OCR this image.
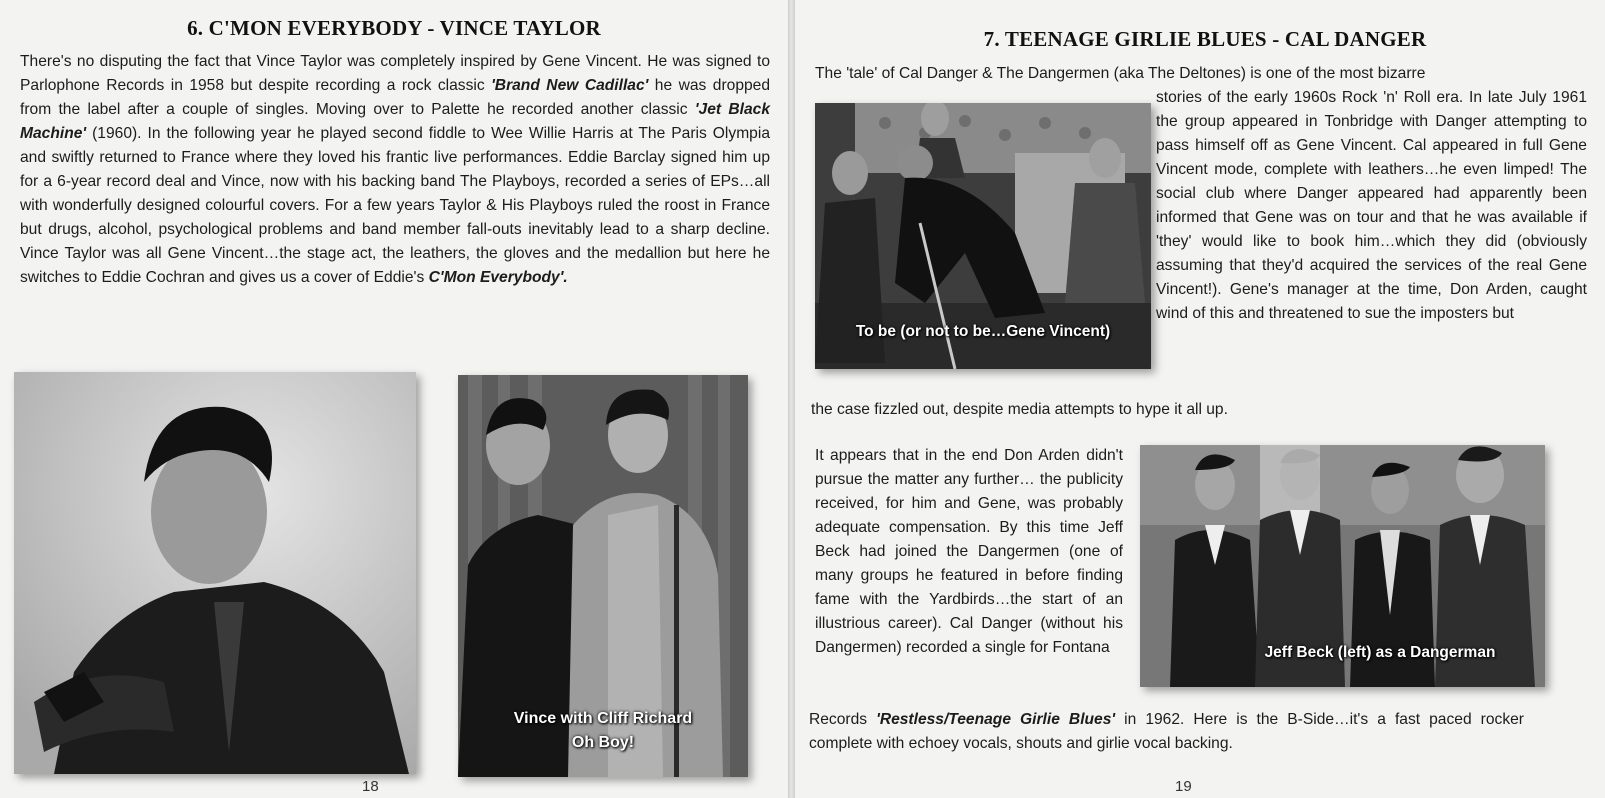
6. C'MON EVERYBODY - VINCE TAYLOR

There's no disputing the fact that Vince Taylor was completely inspired by Gene Vincent. He was signed to Parlophone Records in 1958 but despite recording a rock classic 'Brand New Cadillac' he was dropped from the label after a couple of singles. Moving over to Palette he recorded another classic 'Jet Black Machine' (1960). In the following year he played second fiddle to Wee Willie Harris at The Paris Olympia and swiftly returned to France where they loved his frantic live performances. Eddie Barclay signed him up for a 6-year record deal and Vince, now with his backing band The Playboys, recorded a series of EPs…all with wonderfully designed colourful covers. For a few years Taylor & His Playboys ruled the roost in France but drugs, alcohol, psychological problems and band member fall-outs inevitably lead to a sharp decline. Vince Taylor was all Gene Vincent…the stage act, the leathers, the gloves and the medallion but here he switches to Eddie Cochran and gives us a cover of Eddie's C'Mon Everybody'.

Vince with Cliff Richard
Oh Boy!
18
7. TEENAGE GIRLIE BLUES - CAL DANGER

The 'tale' of Cal Danger & The Dangermen (aka The Deltones) is one of the most bizarre

To be (or not to be…Gene Vincent)

stories of the early 1960s Rock 'n' Roll era. In late July 1961 the group appeared in Tonbridge with Danger attempting to pass himself off as Gene Vincent. Cal appeared in full Gene Vincent mode, complete with leathers…he even limped! The social club where Danger appeared had apparently been informed that Gene was on tour and that he was available if 'they' would like to book him…which they did (obviously assuming that they'd acquired the services of the real Gene Vincent!). Gene's manager at the time, Don Arden, caught wind of this and threatened to sue the imposters but

the case fizzled out, despite media attempts to hype it all up.

It appears that in the end Don Arden didn't pursue the matter any further… the publicity received, for him and Gene, was probably adequate compensation. By this time Jeff Beck had joined the Dangermen (one of many groups he featured in before finding fame with the Yardbirds…the start of an illustrious career). Cal Danger (without his Dangermen) recorded a single for Fontana	Jeff Beck (left) as a Dangerman

Records 'Restless/Teenage Girlie Blues' in 1962. Here is the B-Side…it's a fast paced rocker complete with echoey vocals, shouts and girlie vocal backing.

19
